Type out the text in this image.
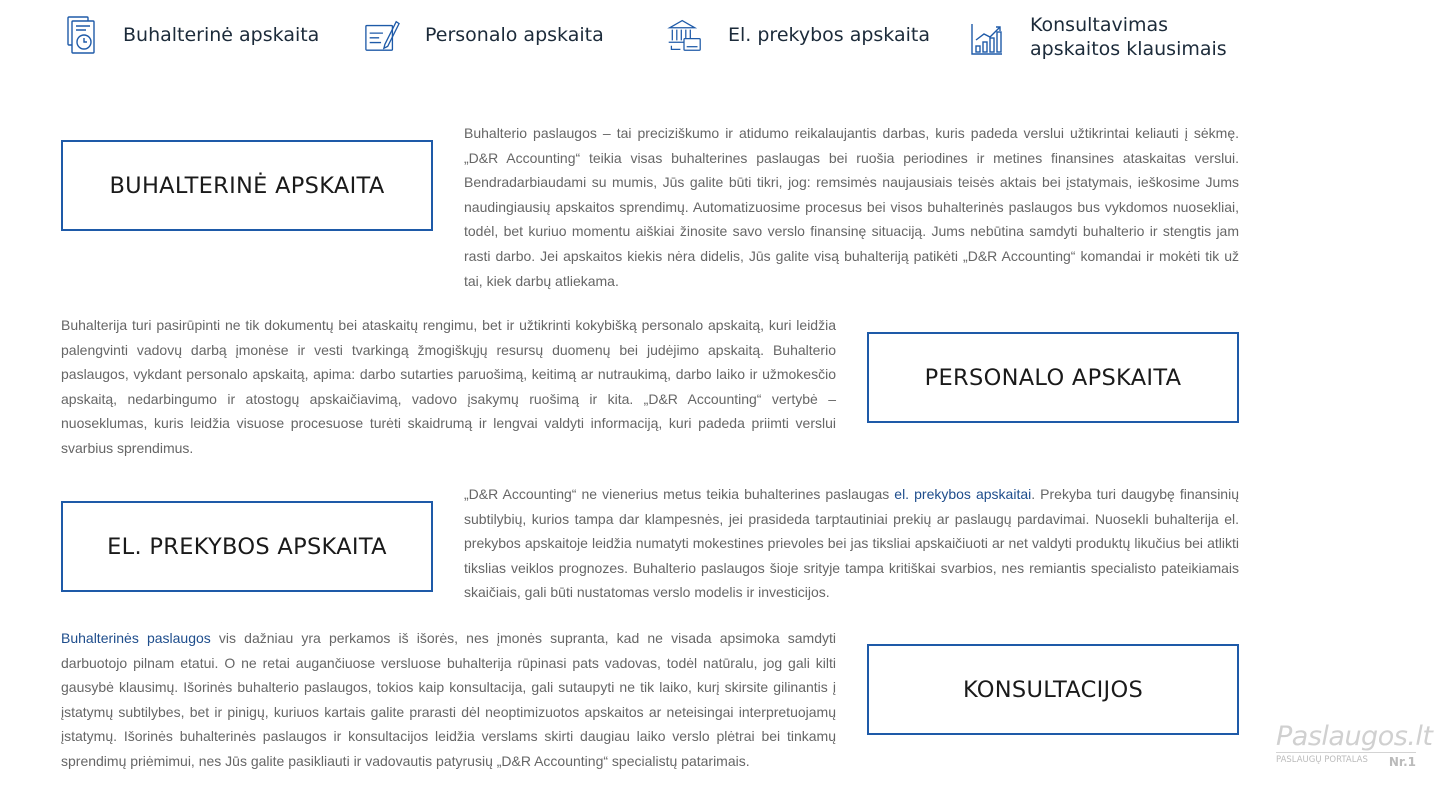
Buhalterinė apskaita	Personalo apskaita	El. prekybos apskaita	Konsultavimas
apskaitos klausimais
BUHALTERINĖ APSKAITA

Buhalterio paslaugos – tai preciziškumo ir atidumo reikalaujantis darbas, kuris padeda verslui užtikrintai keliauti į sėkmę. „D&R Accounting“ teikia visas buhalterines paslaugas bei ruošia periodines ir metines finansines ataskaitas verslui. Bendradarbiaudami su mumis, Jūs galite būti tikri, jog: remsimės naujausiais teisės aktais bei įstatymais, ieškosime Jums naudingiausių apskaitos sprendimų. Automatizuosime procesus bei visos buhalterinės paslaugos bus vykdomos nuosekliai, todėl, bet kuriuo momentu aiškiai žinosite savo verslo finansinę situaciją. Jums nebūtina samdyti buhalterio ir stengtis jam rasti darbo. Jei apskaitos kiekis nėra didelis, Jūs galite visą buhalteriją patikėti „D&R Accounting“ komandai ir mokėti tik už tai, kiek darbų atliekama.

Buhalterija turi pasirūpinti ne tik dokumentų bei ataskaitų rengimu, bet ir užtikrinti kokybišką personalo apskaitą, kuri leidžia palengvinti vadovų darbą įmonėse ir vesti tvarkingą žmogiškųjų resursų duomenų bei judėjimo apskaitą. Buhalterio paslaugos, vykdant personalo apskaitą, apima: darbo sutarties paruošimą, keitimą ar nutraukimą, darbo laiko ir užmokesčio apskaitą, nedarbingumo ir atostogų apskaičiavimą, vadovo įsakymų ruošimą ir kita. „D&R Accounting“ vertybė – nuoseklumas, kuris leidžia visuose procesuose turėti skaidrumą ir lengvai valdyti informaciją, kuri padeda priimti verslui svarbius sprendimus.

PERSONALO APSKAITA
EL. PREKYBOS APSKAITA

„D&R Accounting“ ne vienerius metus teikia buhalterines paslaugas el. prekybos apskaitai. Prekyba turi daugybę finansinių subtilybių, kurios tampa dar klampesnės, jei prasideda tarptautiniai prekių ar paslaugų pardavimai. Nuosekli buhalterija el. prekybos apskaitoje leidžia numatyti mokestines prievoles bei jas tiksliai apskaičiuoti ar net valdyti produktų likučius bei atlikti tikslias veiklos prognozes. Buhalterio paslaugos šioje srityje tampa kritiškai svarbios, nes remiantis specialisto pateikiamais skaičiais, gali būti nustatomas verslo modelis ir investicijos.

Buhalterinės paslaugos vis dažniau yra perkamos iš išorės, nes įmonės supranta, kad ne visada apsimoka samdyti darbuotojo pilnam etatui. O ne retai augančiuose versluose buhalterija rūpinasi pats vadovas, todėl natūralu, jog gali kilti gausybė klausimų. Išorinės buhalterio paslaugos, tokios kaip konsultacija, gali sutaupyti ne tik laiko, kurį skirsite gilinantis į įstatymų subtilybes, bet ir pinigų, kuriuos kartais galite prarasti dėl neoptimizuotos apskaitos ar neteisingai interpretuojamų įstatymų. Išorinės buhalterinės paslaugos ir konsultacijos leidžia verslams skirti daugiau laiko verslo plėtrai bei tinkamų sprendimų priėmimui, nes Jūs galite pasikliauti ir vadovautis patyrusių „D&R Accounting“ specialistų patarimais.

KONSULTACIJOS
Paslaugos.lt
PASLAUGŲ PORTALAS Nr.1
